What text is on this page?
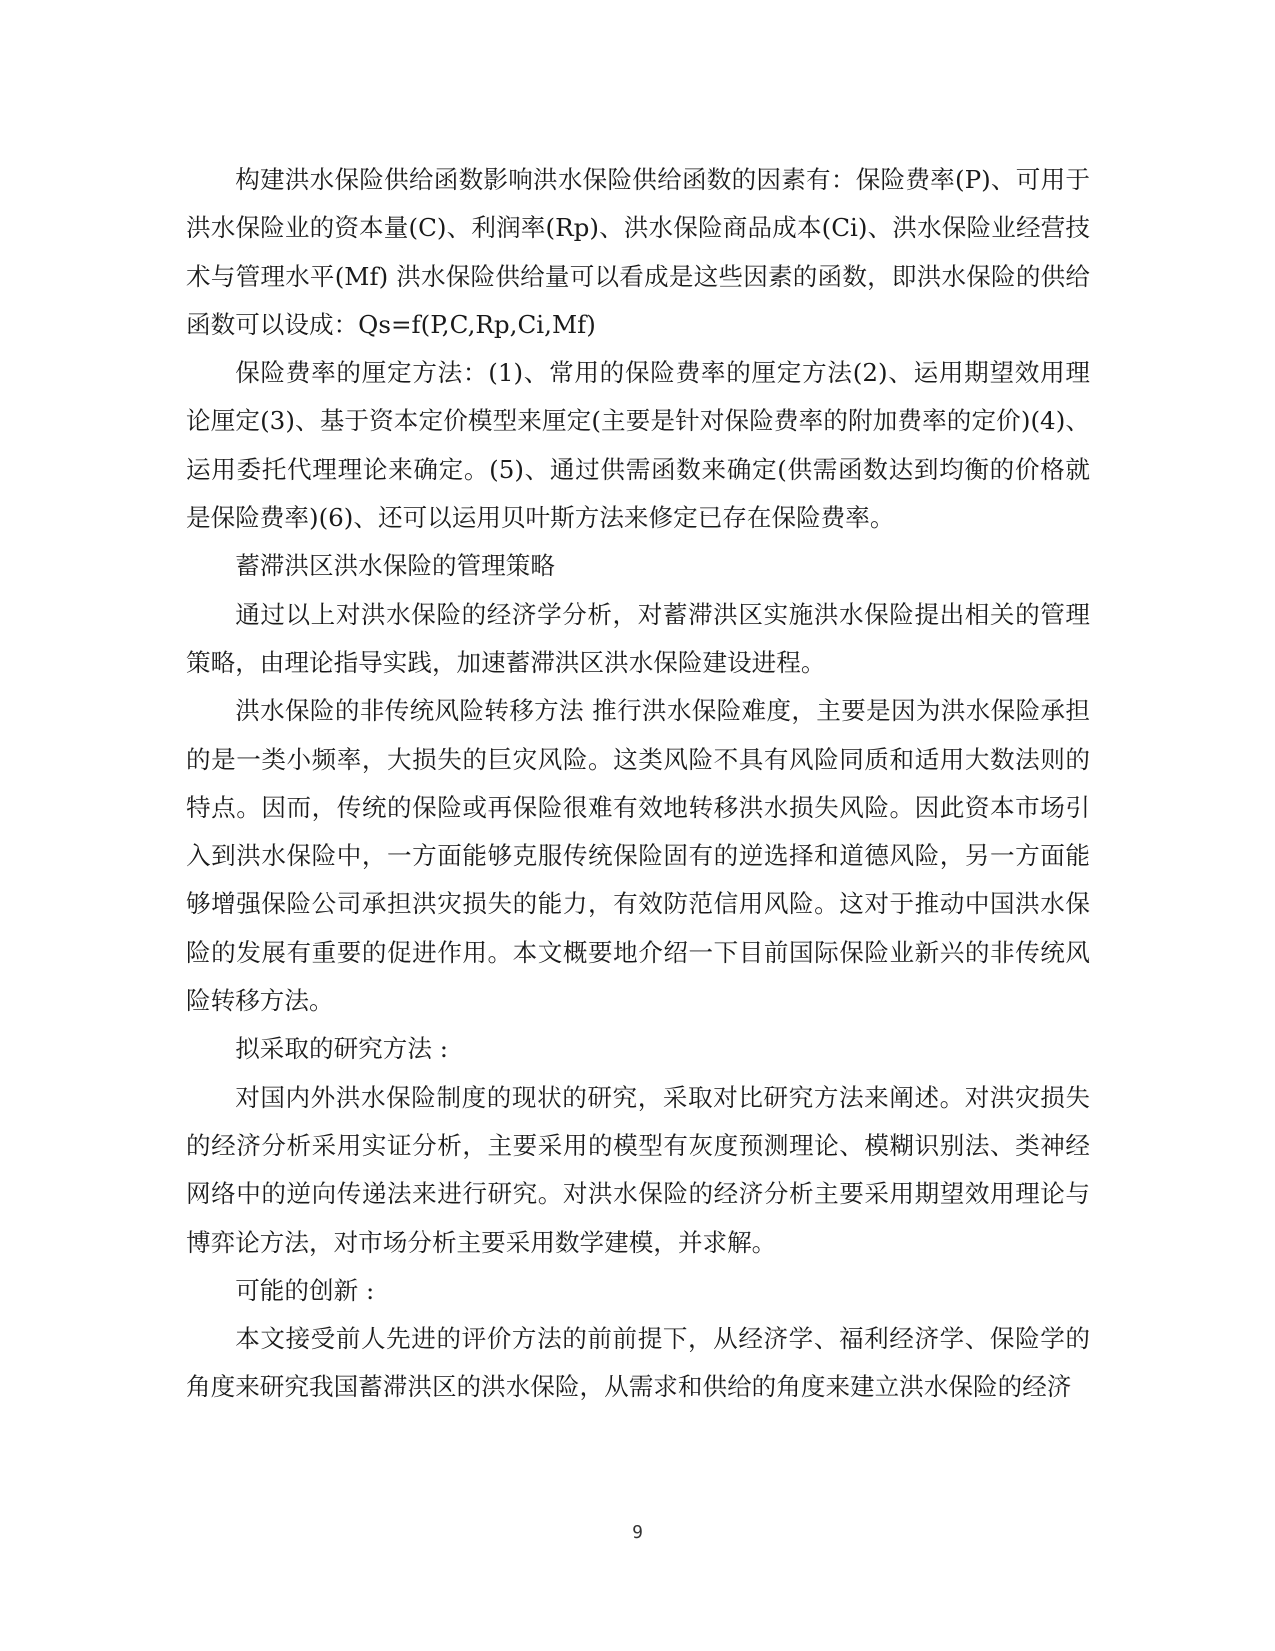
构建洪水保险供给函数影响洪水保险供给函数的因素有：保险费率(P)、可用于洪水保险业的资本量(C)、利润率(Rp)、洪水保险商品成本(Ci)、洪水保险业经营技术与管理水平(Mf) 洪水保险供给量可以看成是这些因素的函数，即洪水保险的供给函数可以设成：Qs=f(P,C,Rp,Ci,Mf)

保险费率的厘定方法：(1)、常用的保险费率的厘定方法(2)、运用期望效用理论厘定(3)、基于资本定价模型来厘定(主要是针对保险费率的附加费率的定价)(4)、运用委托代理理论来确定。(5)、通过供需函数来确定(供需函数达到均衡的价格就是保险费率)(6)、还可以运用贝叶斯方法来修定已存在保险费率。

蓄滞洪区洪水保险的管理策略

通过以上对洪水保险的经济学分析，对蓄滞洪区实施洪水保险提出相关的管理策略，由理论指导实践，加速蓄滞洪区洪水保险建设进程。

洪水保险的非传统风险转移方法 推行洪水保险难度，主要是因为洪水保险承担的是一类小频率，大损失的巨灾风险。这类风险不具有风险同质和适用大数法则的特点。因而，传统的保险或再保险很难有效地转移洪水损失风险。因此资本市场引入到洪水保险中，一方面能够克服传统保险固有的逆选择和道德风险，另一方面能够增强保险公司承担洪灾损失的能力，有效防范信用风险。这对于推动中国洪水保险的发展有重要的促进作用。本文概要地介绍一下目前国际保险业新兴的非传统风险转移方法。

拟采取的研究方法 :

对国内外洪水保险制度的现状的研究，采取对比研究方法来阐述。对洪灾损失的经济分析采用实证分析，主要采用的模型有灰度预测理论、模糊识别法、类神经网络中的逆向传递法来进行研究。对洪水保险的经济分析主要采用期望效用理论与博弈论方法，对市场分析主要采用数学建模，并求解。

可能的创新 :

本文接受前人先进的评价方法的前前提下，从经济学、福利经济学、保险学的角度来研究我国蓄滞洪区的洪水保险，从需求和供给的角度来建立洪水保险的经济

9
